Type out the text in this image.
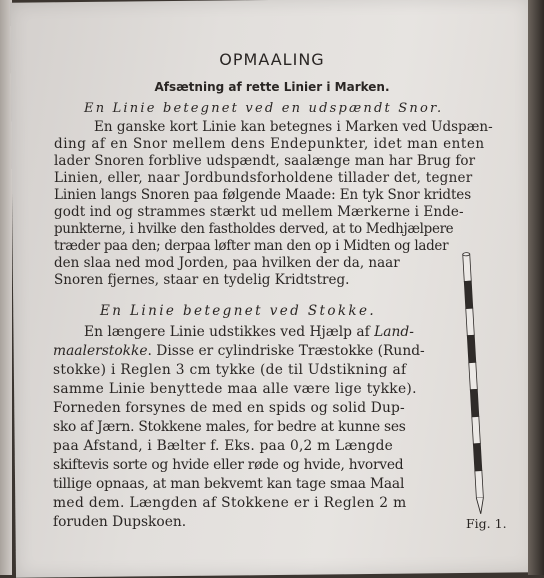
OPMAALING
Afsætning af rette Linier i Marken.
En Linie betegnet ved en udspændt Snor.
En ganske kort Linie kan betegnes i Marken ved Udspæn-
ding af en Snor mellem dens Endepunkter, idet man enten
lader Snoren forblive udspændt, saalænge man har Brug for
Linien, eller, naar Jordbundsforholdene tillader det, tegner
Linien langs Snoren paa følgende Maade: En tyk Snor kridtes
godt ind og strammes stærkt ud mellem Mærkerne i Ende-
punkterne, i hvilke den fastholdes derved, at to Medhjælpere
træder paa den; derpaa løfter man den op i Midten og lader
den slaa ned mod Jorden, paa hvilken der da, naar
Snoren fjernes, staar en tydelig Kridtstreg.
En Linie betegnet ved Stokke.
En længere Linie udstikkes ved Hjælp af Land-
maalerstokke. Disse er cylindriske Træstokke (Rund-
stokke) i Reglen 3 cm tykke (de til Udstikning af
samme Linie benyttede maa alle være lige tykke).
Forneden forsynes de med en spids og solid Dup-
sko af Jærn. Stokkene males, for bedre at kunne ses
paa Afstand, i Bælter f. Eks. paa 0,2 m Længde
skiftevis sorte og hvide eller røde og hvide, hvorved
tillige opnaas, at man bekvemt kan tage smaa Maal
med dem. Længden af Stokkene er i Reglen 2 m
foruden Dupskoen.	Fig. 1.
